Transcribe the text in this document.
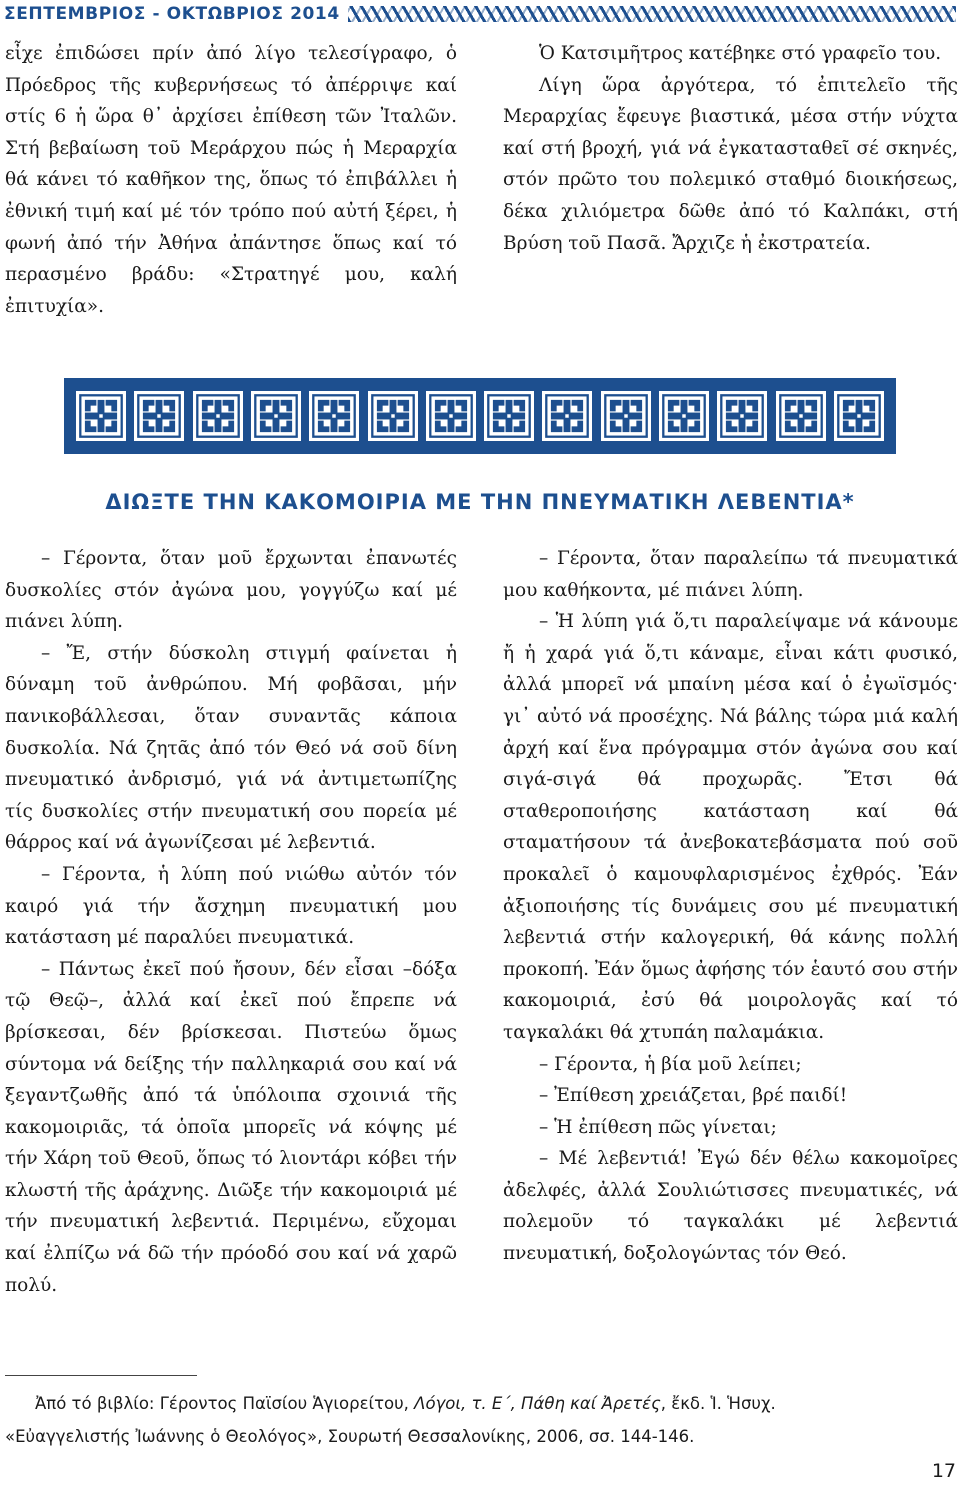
ΣΕΠΤΕΜΒΡΙΟΣ - ΟΚΤΩΒΡΙΟΣ 2014

εἶχε ἐπιδώσει πρίν ἀπό λίγο τελεσίγραφο, ὁ Πρόεδρος τῆς κυβερνήσεως τό ἀπέρριψε καί στίς 6 ἡ ὥρα θ᾽ ἀρχίσει ἐπίθεση τῶν Ἰταλῶν. Στή βεβαίωση τοῦ Μεράρχου πώς ἡ Μεραρχία θά κάνει τό καθῆκον της, ὅπως τό ἐπιβάλλει ἡ ἐθνική τιμή καί μέ τόν τρόπο πού αὐτή ξέρει, ἡ φωνή ἀπό τήν Ἀθήνα ἀπάντησε ὅπως καί τό περασμένο βράδυ: «Στρατηγέ μου, καλή ἐπιτυχία».

Ὁ Κατσιμῆτρος κατέβηκε στό γραφεῖο του.

Λίγη ὥρα ἀργότερα, τό ἐπιτελεῖο τῆς Μεραρχίας ἔφευγε βιαστικά, μέσα στήν νύχτα καί στή βροχή, γιά νά ἐγκατασταθεῖ σέ σκηνές, στόν πρῶτο του πολεμικό σταθμό διοικήσεως, δέκα χιλιόμετρα δῶθε ἀπό τό Καλπάκι, στή Βρύση τοῦ Πασᾶ. Ἄρχιζε ἡ ἐκστρατεία.

ΔΙΩΞΤΕ ΤΗΝ ΚΑΚΟΜΟΙΡΙΑ ΜΕ ΤΗΝ ΠΝΕΥΜΑΤΙΚΗ ΛΕΒΕΝΤΙΑ*

– Γέροντα, ὅταν μοῦ ἔρχωνται ἐπανωτές δυσκολίες στόν ἀγώνα μου, γογγύζω καί μέ πιάνει λύπη.

– Ἔ, στήν δύσκολη στιγμή φαίνεται ἡ δύναμη τοῦ ἀνθρώπου. Μή φοβᾶσαι, μήν πανικοβάλλεσαι, ὅταν συναντᾶς κάποια δυσκολία. Νά ζητᾶς ἀπό τόν Θεό νά σοῦ δίνη πνευματικό ἀνδρισμό, γιά νά ἀντιμετωπίζης τίς δυσκολίες στήν πνευματική σου πορεία μέ θάρρος καί νά ἀγωνίζεσαι μέ λεβεντιά.

– Γέροντα, ἡ λύπη πού νιώθω αὐτόν τόν καιρό γιά τήν ἄσχημη πνευματική μου κατάσταση μέ παραλύει πνευματικά.

– Πάντως ἐκεῖ πού ἤσουν, δέν εἶσαι –δόξα τῷ Θεῷ–, ἀλλά καί ἐκεῖ πού ἔπρεπε νά βρίσκεσαι, δέν βρίσκεσαι. Πιστεύω ὅμως σύντομα νά δείξης τήν παλληκαριά σου καί νά ξεγαντζωθῆς ἀπό τά ὑπόλοιπα σχοινιά τῆς κακομοιριᾶς, τά ὁποῖα μπορεῖς νά κόψης μέ τήν Χάρη τοῦ Θεοῦ, ὅπως τό λιοντάρι κόβει τήν κλωστή τῆς ἀράχνης. Διῶξε τήν κακομοιριά μέ τήν πνευματική λεβεντιά. Περιμένω, εὔχομαι καί ἐλπίζω νά δῶ τήν πρόοδό σου καί νά χαρῶ πολύ.

– Γέροντα, ὅταν παραλείπω τά πνευματικά μου καθήκοντα, μέ πιάνει λύπη.

– Ἡ λύπη γιά ὅ,τι παραλείψαμε νά κάνουμε ἤ ἡ χαρά γιά ὅ,τι κάναμε, εἶναι κάτι φυσικό, ἀλλά μπορεῖ νά μπαίνη μέσα καί ὁ ἐγωϊσμός· γι᾽ αὐτό νά προσέχης. Νά βάλης τώρα μιά καλή ἀρχή καί ἕνα πρόγραμμα στόν ἀγώνα σου καί σιγά-σιγά θά προχωρᾶς. Ἔτσι θά σταθεροποιήσης κατάσταση καί θά σταματήσουν τά ἀνεβοκατεβάσματα πού σοῦ προκαλεῖ ὁ καμουφλαρισμένος ἐχθρός. Ἐάν ἀξιοποιήσης τίς δυνάμεις σου μέ πνευματική λεβεντιά στήν καλογερική, θά κάνης πολλή προκοπή. Ἐάν ὅμως ἀφήσης τόν ἑαυτό σου στήν κακομοιριά, ἐσύ θά μοιρολογᾶς καί τό ταγκαλάκι θά χτυπάη παλαμάκια.

– Γέροντα, ἡ βία μοῦ λείπει;

– Ἐπίθεση χρειάζεται, βρέ παιδί!

– Ἡ ἐπίθεση πῶς γίνεται;

– Μέ λεβεντιά! Ἐγώ δέν θέλω κακομοῖρες ἀδελφές, ἀλλά Σουλιώτισσες πνευματικές, νά πολεμοῦν τό ταγκαλάκι μέ λεβεντιά πνευματική, δοξολογώντας τόν Θεό.

Ἀπό τό βιβλίο: Γέροντος Παϊσίου Ἁγιορείτου, Λόγοι, τ. Ε΄, Πάθη καί Ἀρετές, ἔκδ. Ἱ. Ἡσυχ.
«Εὐαγγελιστής Ἰωάννης ὁ Θεολόγος», Σουρωτή Θεσσαλονίκης, 2006, σσ. 144-146.
17
